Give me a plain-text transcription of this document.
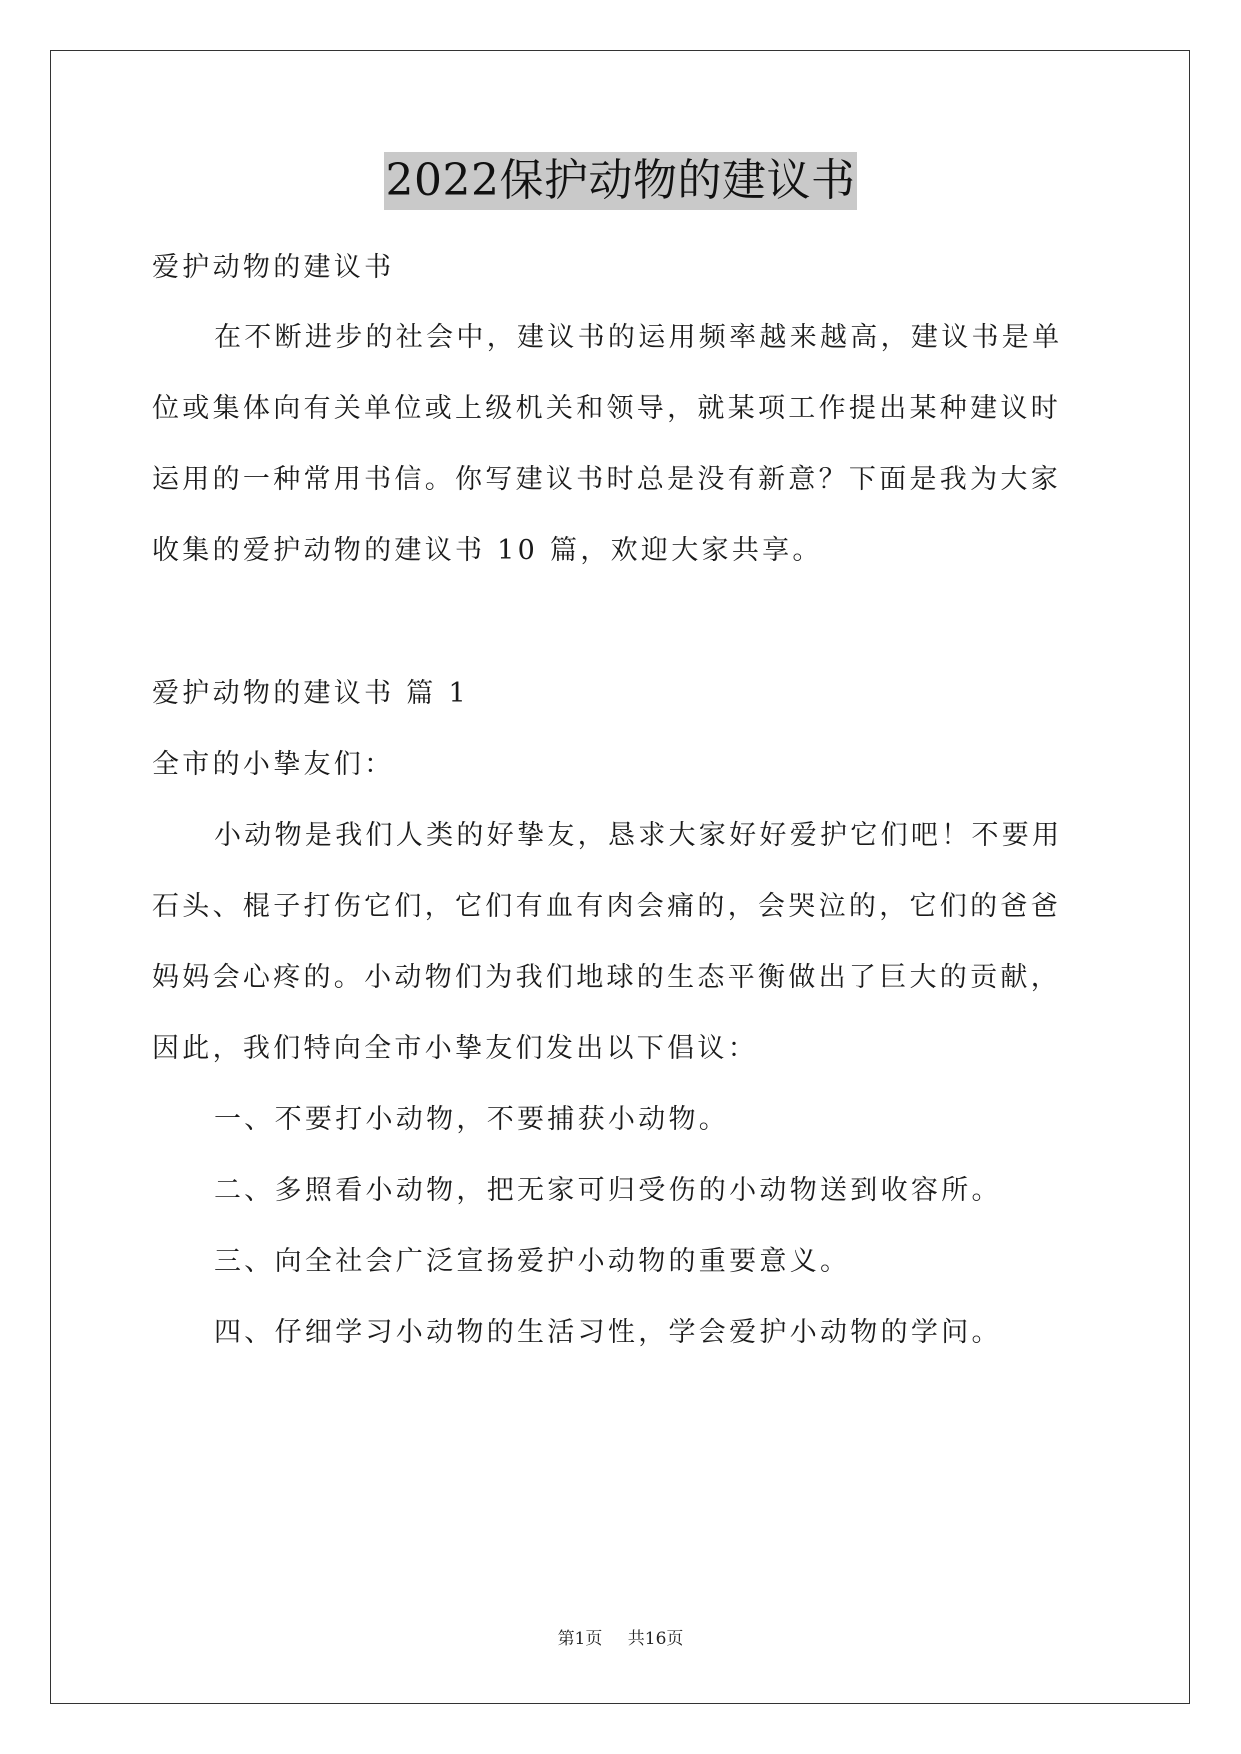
2022保护动物的建议书
爱护动物的建议书
在不断进步的社会中，建议书的运用频率越来越高，建议书是单
位或集体向有关单位或上级机关和领导，就某项工作提出某种建议时
运用的一种常用书信。你写建议书时总是没有新意？下面是我为大家
收集的爱护动物的建议书 10 篇，欢迎大家共享。
爱护动物的建议书 篇 1
全市的小挚友们：
小动物是我们人类的好挚友，恳求大家好好爱护它们吧！不要用
石头、棍子打伤它们，它们有血有肉会痛的，会哭泣的，它们的爸爸
妈妈会心疼的。小动物们为我们地球的生态平衡做出了巨大的贡献，
因此，我们特向全市小挚友们发出以下倡议：
一、不要打小动物，不要捕获小动物。
二、多照看小动物，把无家可归受伤的小动物送到收容所。
三、向全社会广泛宣扬爱护小动物的重要意义。
四、仔细学习小动物的生活习性，学会爱护小动物的学问。
第1页 共16页
